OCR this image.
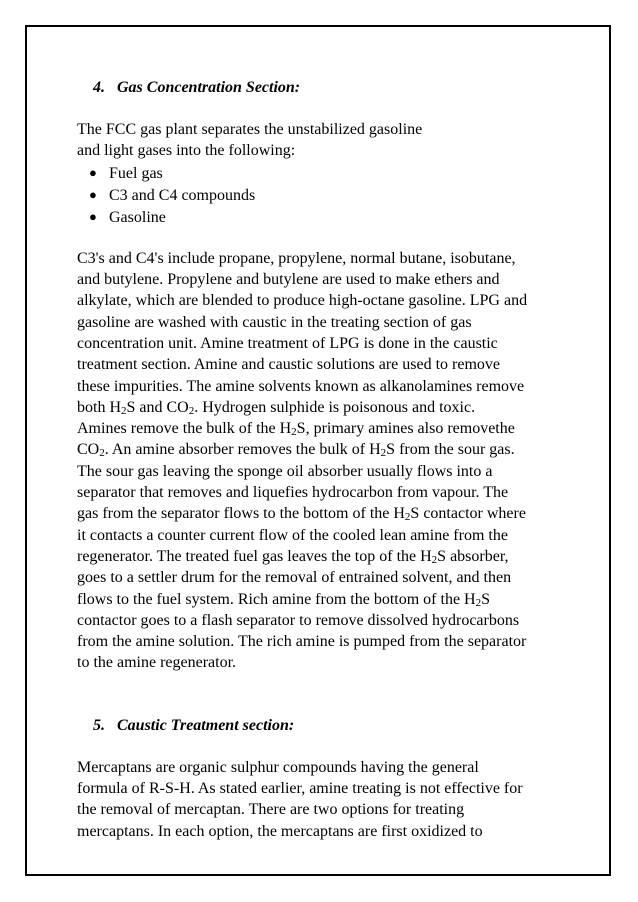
4. Gas Concentration Section:
The FCC gas plant separates the unstabilized gasoline
and light gases into the following:
● Fuel gas
● C3 and C4 compounds
● Gasoline
C3's and C4's include propane, propylene, normal butane, isobutane,
and butylene. Propylene and butylene are used to make ethers and
alkylate, which are blended to produce high-octane gasoline. LPG and
gasoline are washed with caustic in the treating section of gas
concentration unit. Amine treatment of LPG is done in the caustic
treatment section. Amine and caustic solutions are used to remove
these impurities. The amine solvents known as alkanolamines remove
both $H_2S$ and $CO_2$. Hydrogen sulphide is poisonous and toxic.
Amines remove the bulk of the $H_2S$, primary amines also removethe
$CO_2$. An amine absorber removes the bulk of $H_2S$ from the sour gas.
The sour gas leaving the sponge oil absorber usually flows into a
separator that removes and liquefies hydrocarbon from vapour. The
gas from the separator flows to the bottom of the $H_2S$ contactor where
it contacts a counter current flow of the cooled lean amine from the
regenerator. The treated fuel gas leaves the top of the $H_2S$ absorber,
goes to a settler drum for the removal of entrained solvent, and then
flows to the fuel system. Rich amine from the bottom of the $H_2S$
contactor goes to a flash separator to remove dissolved hydrocarbons
from the amine solution. The rich amine is pumped from the separator
to the amine regenerator.
5. Caustic Treatment section:
Mercaptans are organic sulphur compounds having the general
formula of R-S-H. As stated earlier, amine treating is not effective for
the removal of mercaptan. There are two options for treating
mercaptans. In each option, the mercaptans are first oxidized to
